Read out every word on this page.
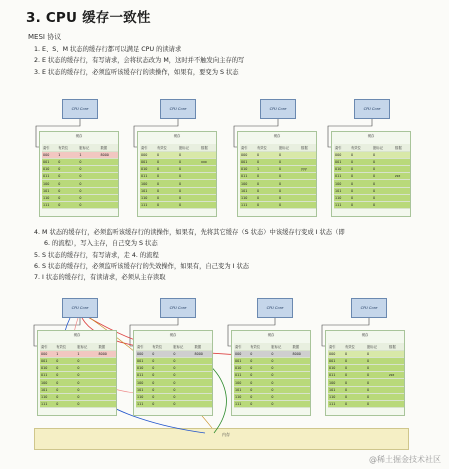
3. CPU 缓存一致性
MESI 协议
1. E、S、M 状态的缓存行都可以满足 CPU 的读请求
2. E 状态的缓存行，有写请求，会将状态改为 M，这时并不触发向主存的写
3. E 状态的缓存行，必须监听该缓存行的读操作，如果有，要变为 S 状态
CPU Core	CPU Core	CPU Core	CPU Core
缓存
索引	有效位	脏标记	数据
000	1	1	8000
001	0	0	
010	0	0	
011	0	0	
100	0	0	
101	0	0	
110	0	0	
111	0	0	
缓存
索引	有效位	脏标记	数据
000	0	0	
001	0	0	xxx
010	0	0	
011	0	0	
100	0	0	
101	0	0	
110	0	0	
111	0	0	
缓存
索引	有效位	脏标记	数据
000	0	0	
001	0	0	
010	1	0	yyy
011	0	0	
100	0	0	
101	0	0	
110	0	0	
111	0	0	
缓存
索引	有效位	脏标记	数据
000	0	0	
001	0	0	
010	0	0	
011	0	0	zzz
100	0	0	
101	0	0	
110	0	0	
111	0	0	
4. M 状态的缓存行，必须监听该缓存行的读操作，如果有，先将其它缓存（S 状态）中该缓存行变成 I 状态（即
6. 的流程），写入主存，自己变为 S 状态
5. S 状态的缓存行，有写请求，走 4. 的流程
6. S 状态的缓存行，必须监听该缓存行的失效操作，如果有，自己变为 I 状态
7. I 状态的缓存行，有读请求，必须从主存读取
内存
CPU Core	CPU Core	CPU Core	CPU Core
缓存
索引	有效位	脏标记	数据
000	1	1	8000
001	0	0	
010	0	0	
011	0	0	
100	0	0	
101	0	0	
110	0	0	
111	0	0	
缓存
索引	有效位	脏标记	数据
000	0	0	8000
001	0	0	
010	0	0	
011	0	0	
100	0	0	
101	0	0	
110	0	0	
111	0	0	
缓存
索引	有效位	脏标记	数据
000	0	0	8000
001	0	0	
010	0	0	
011	0	0	
100	0	0	
101	0	0	
110	0	0	
111	0	0	
缓存
索引	有效位	脏标记	数据
000	0	0	
001	0	0	
010	0	0	
011	0	0	zzz
100	0	0	
101	0	0	
110	0	0	
111	0	0	
@稀土掘金技术社区
